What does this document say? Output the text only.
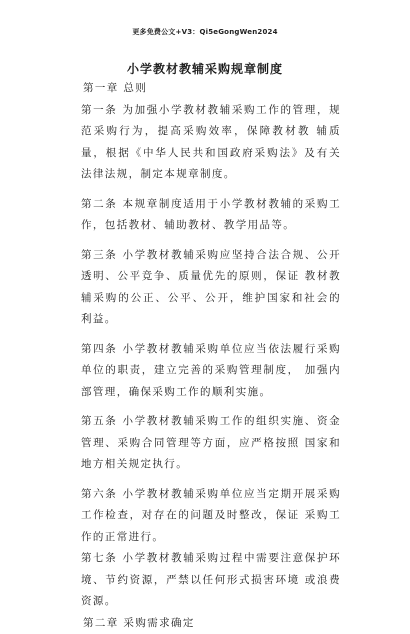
更多免费公文+V3：Qi5eGongWen2024
小学教材教辅采购规章制度

第一章 总则

第一条 为加强小学教材教辅采购工作的管理，规范采购行为，提高采购效率，保障教材教 辅质量，根据《中华人民共和国政府采购法》及有关法律法规，制定本规章制度。

第二条 本规章制度适用于小学教材教辅的采购工作，包括教材、辅助教材、教学用品等。

第三条 小学教材教辅采购应坚持合法合规、公开透明、公平竞争、质量优先的原则，保证 教材教辅采购的公正、公平、公开，维护国家和社会的利益。

第四条 小学教材教辅采购单位应当依法履行采购单位的职责，建立完善的采购管理制度， 加强内部管理，确保采购工作的顺利实施。

第五条 小学教材教辅采购工作的组织实施、资金管理、采购合同管理等方面，应严格按照 国家和地方相关规定执行。

第六条 小学教材教辅采购单位应当定期开展采购工作检查，对存在的问题及时整改，保证 采购工作的正常进行。

第七条 小学教材教辅采购过程中需要注意保护环境、节约资源，严禁以任何形式损害环境 或浪费资源。

第二章 采购需求确定
